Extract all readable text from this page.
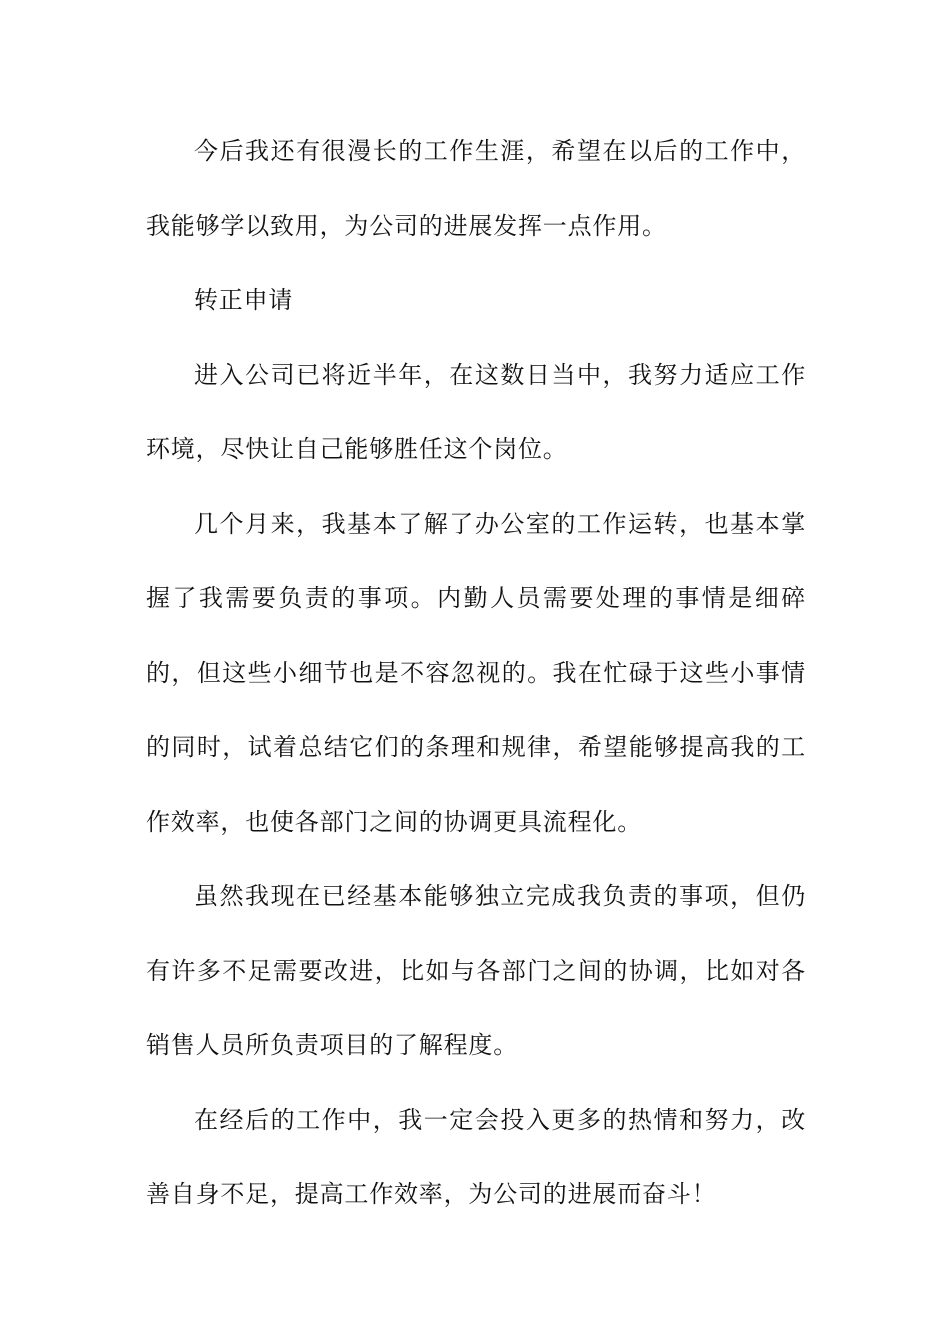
今后我还有很漫长的工作生涯，希望在以后的工作中，我能够学以致用，为公司的进展发挥一点作用。

转正申请

进入公司已将近半年，在这数日当中，我努力适应工作环境，尽快让自己能够胜任这个岗位。

几个月来，我基本了解了办公室的工作运转，也基本掌握了我需要负责的事项。内勤人员需要处理的事情是细碎的，但这些小细节也是不容忽视的。我在忙碌于这些小事情的同时，试着总结它们的条理和规律，希望能够提高我的工作效率，也使各部门之间的协调更具流程化。

虽然我现在已经基本能够独立完成我负责的事项，但仍有许多不足需要改进，比如与各部门之间的协调，比如对各销售人员所负责项目的了解程度。

在经后的工作中，我一定会投入更多的热情和努力，改善自身不足，提高工作效率，为公司的进展而奋斗！
